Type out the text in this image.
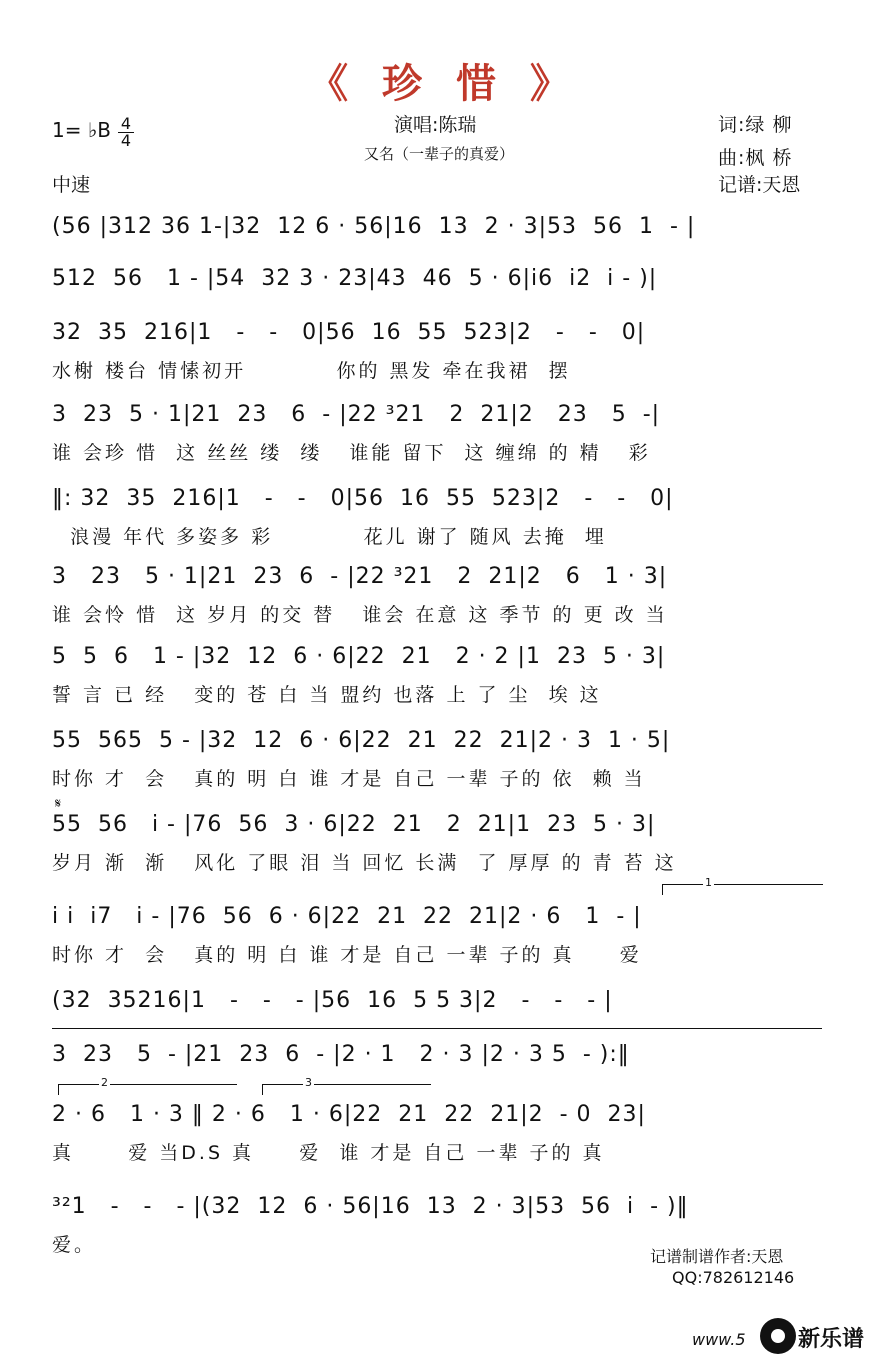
《 珍 惜 》
1= ♭B 4
4
中速
演唱:陈瑞
又名（一辈子的真爱）
词:绿 柳
曲:枫 桥
记谱:天恩
(56 |312 36 1-|32  12 6 · 56|16  13  2 · 3|53  56  1  - |
512  56   1 - |54  32 3 · 23|43  46  5 · 6|i6  i2  i - )|
32  35  216|1   -   -   0|56  16  55  523|2   -   -   0|
水榭 楼台 情愫初开          你的 黑发 牵在我裙  摆
3  23  5 · 1|21  23   6  - |22 ³21   2  21|2   23   5  -|
谁 会珍 惜  这 丝丝 缕  缕   谁能 留下  这 缠绵 的 精   彩
‖: 32  35  216|1   -   -   0|56  16  55  523|2   -   -   0|
浪漫 年代 多姿多 彩          花儿 谢了 随风 去掩  埋
3   23   5 · 1|21  23  6  - |22 ³21   2  21|2   6   1 · 3|
谁 会怜 惜  这 岁月 的交 替   谁会 在意 这 季节 的 更 改 当
5  5  6   1 - |32  12  6 · 6|22  21   2 · 2 |1  23  5 · 3|
誓 言 已 经   变的 苍 白 当 盟约 也落 上 了 尘  埃 这
55  565  5 - |32  12  6 · 6|22  21  22  21|2 · 3  1 · 5|
时你 才  会   真的 明 白 谁 才是 自己 一辈 子的 依  赖 当
𝄋
55  56   i - |76  56  3 · 6|22  21   2  21|1  23  5 · 3|
岁月 渐  渐   风化 了眼 泪 当 回忆 长满  了 厚厚 的 青 苔 这
1
i i  i7   i - |76  56  6 · 6|22  21  22  21|2 · 6   1  - |
时你 才  会   真的 明 白 谁 才是 自己 一辈 子的 真     爱
(32  35216|1   -   -   - |56  16  5 5 3|2   -   -   - |
3  23   5  - |21  23  6  - |2 · 1   2 · 3 |2 · 3 5  - ):‖
2	3
2 · 6   1 · 3 ‖ 2 · 6   1 · 6|22  21  22  21|2  - 0  23|
真      爱 当D.S 真     爱  谁 才是 自己 一辈 子的 真
³²1   -   -   - |(32  12  6 · 56|16  13  2 · 3|53  56  i  - )‖
爱。
记谱制谱作者:天恩
QQ:782612146
www.5 新乐谱
